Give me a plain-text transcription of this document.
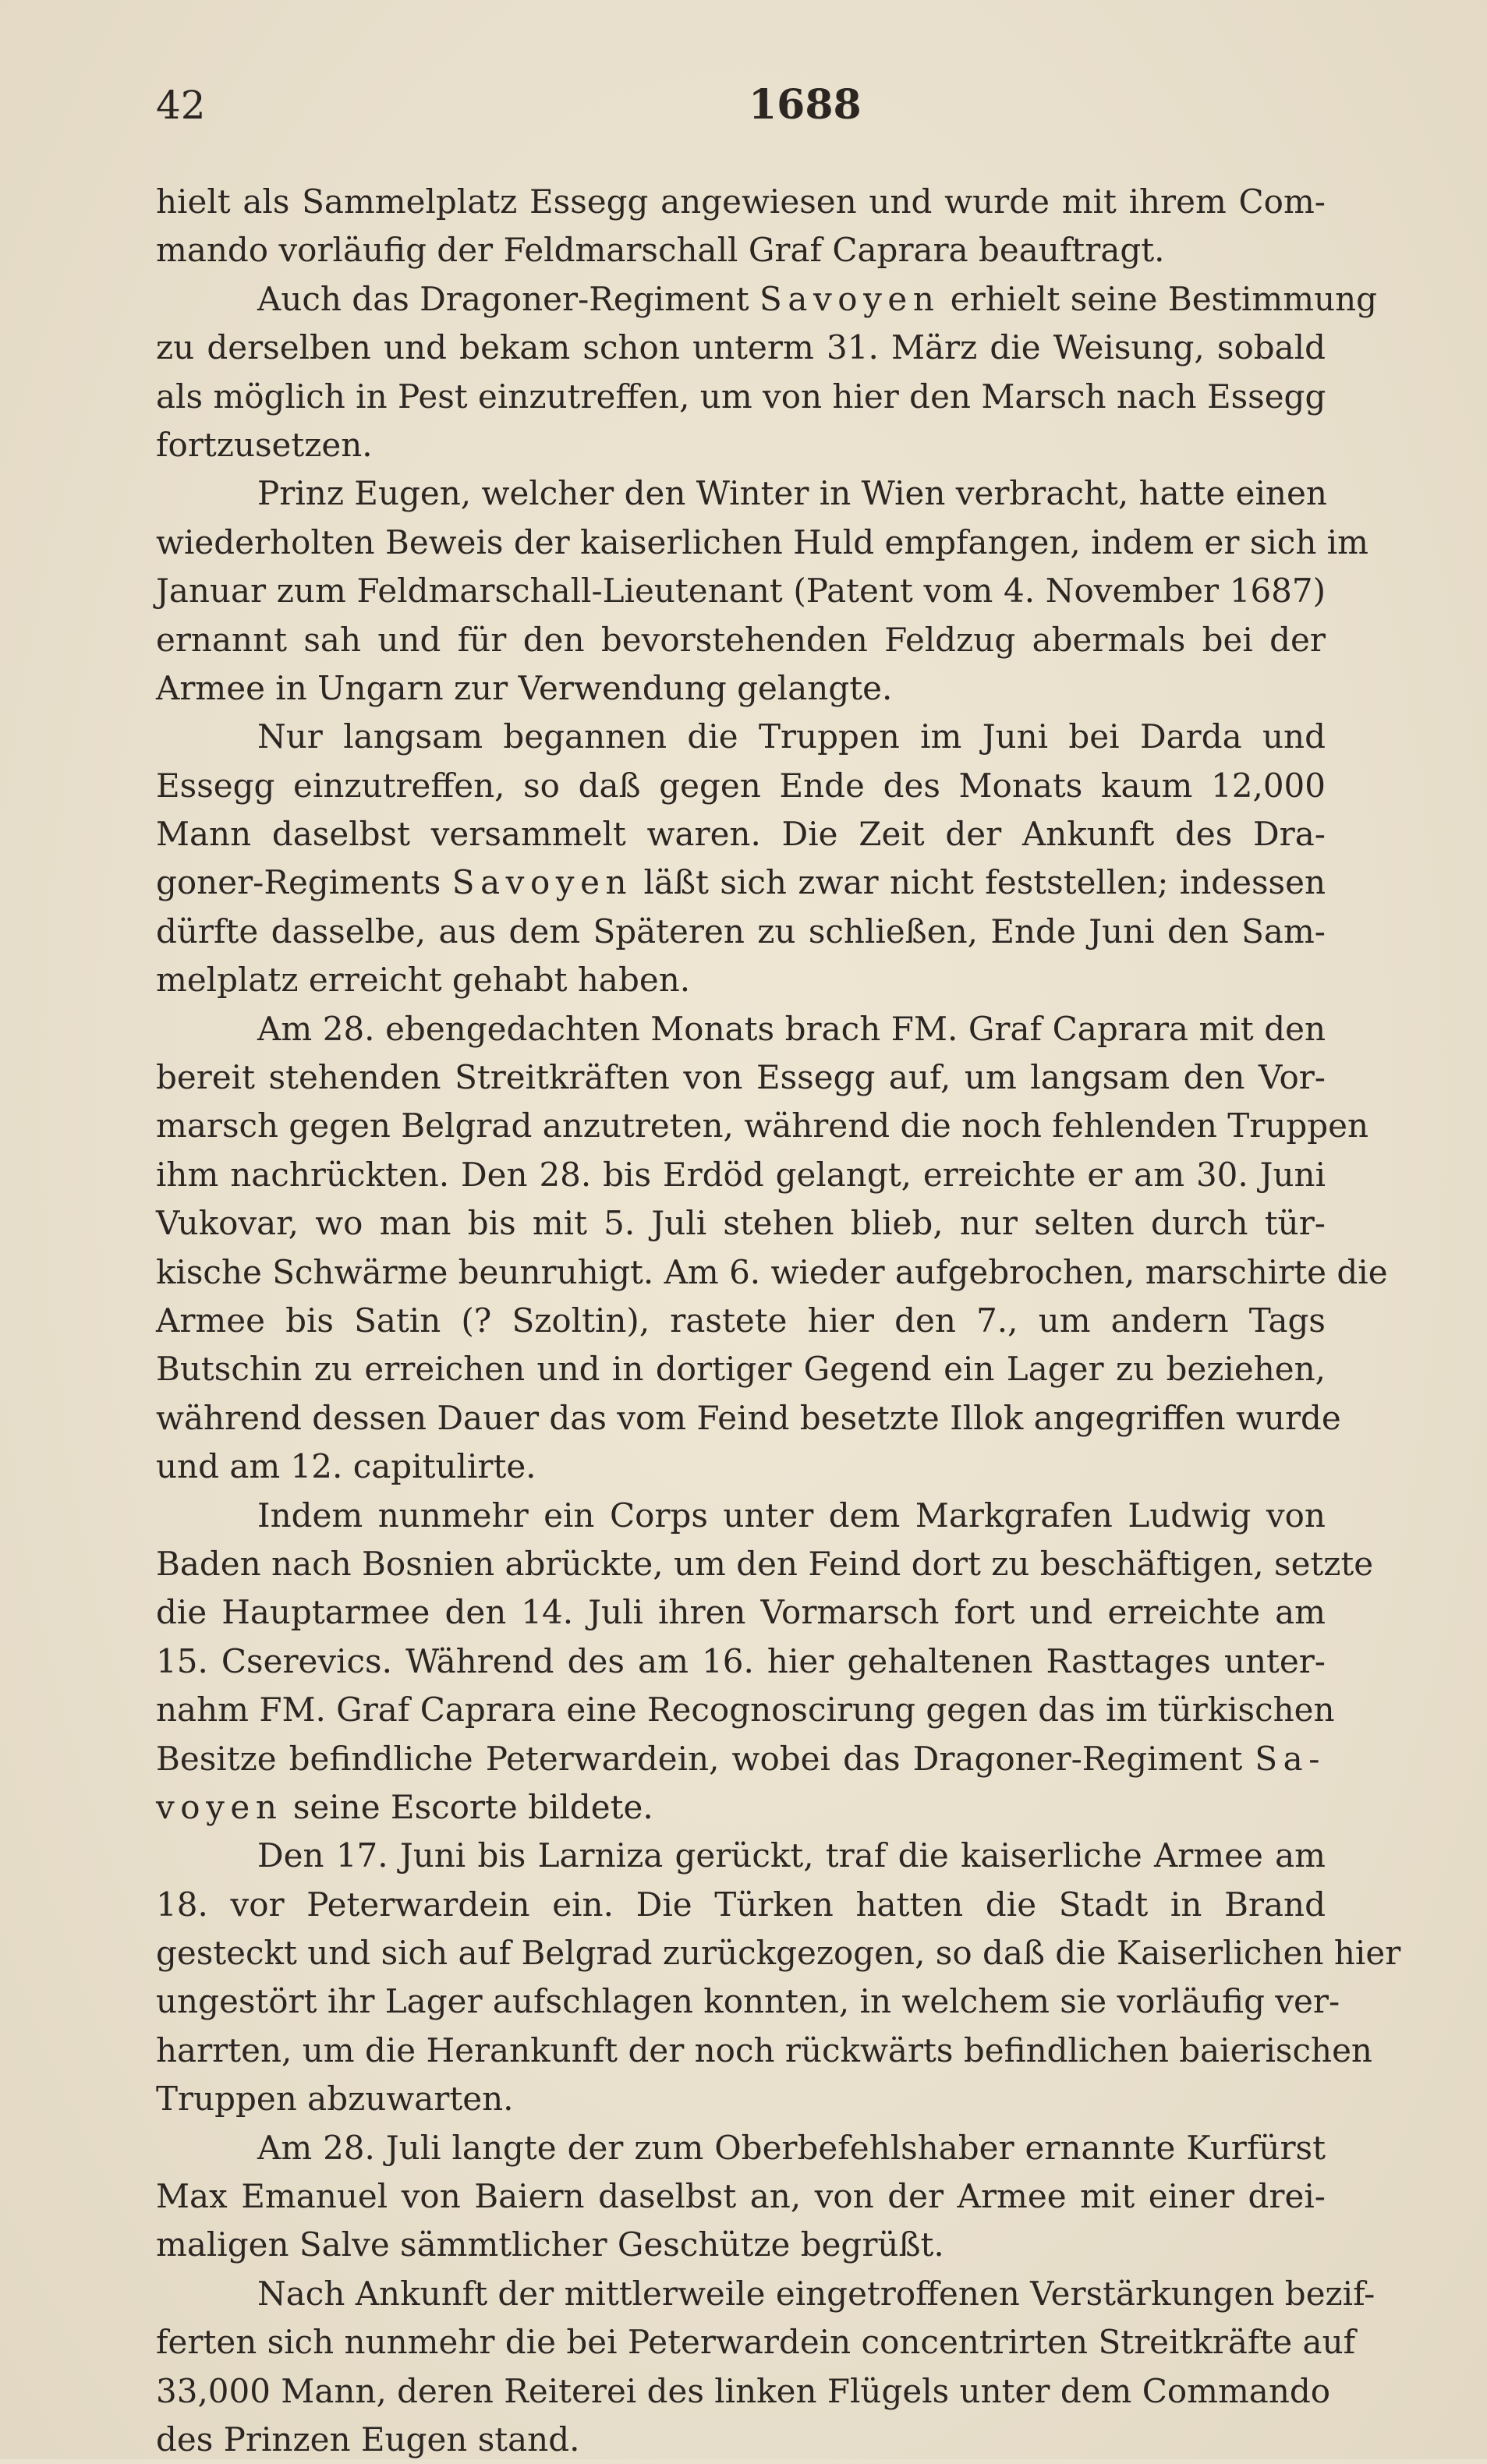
42	1688
hielt als Sammelplatz Essegg angewiesen und wurde mit ihrem Com-
mando vorläufig der Feldmarschall Graf Caprara beauftragt.
Auch das Dragoner-Regiment Savoyen erhielt seine Bestimmung
zu derselben und bekam schon unterm 31. März die Weisung, sobald
als möglich in Pest einzutreffen, um von hier den Marsch nach Essegg
fortzusetzen.
Prinz Eugen, welcher den Winter in Wien verbracht, hatte einen
wiederholten Beweis der kaiserlichen Huld empfangen, indem er sich im
Januar zum Feldmarschall-Lieutenant (Patent vom 4. November 1687)
ernannt sah und für den bevorstehenden Feldzug abermals bei der
Armee in Ungarn zur Verwendung gelangte.
Nur langsam begannen die Truppen im Juni bei Darda und
Essegg einzutreffen, so daß gegen Ende des Monats kaum 12,000
Mann daselbst versammelt waren. Die Zeit der Ankunft des Dra-
goner-Regiments Savoyen läßt sich zwar nicht feststellen; indessen
dürfte dasselbe, aus dem Späteren zu schließen, Ende Juni den Sam-
melplatz erreicht gehabt haben.
Am 28. ebengedachten Monats brach FM. Graf Caprara mit den
bereit stehenden Streitkräften von Essegg auf, um langsam den Vor-
marsch gegen Belgrad anzutreten, während die noch fehlenden Truppen
ihm nachrückten. Den 28. bis Erdöd gelangt, erreichte er am 30. Juni
Vukovar, wo man bis mit 5. Juli stehen blieb, nur selten durch tür-
kische Schwärme beunruhigt. Am 6. wieder aufgebrochen, marschirte die
Armee bis Satin (? Szoltin), rastete hier den 7., um andern Tags
Butschin zu erreichen und in dortiger Gegend ein Lager zu beziehen,
während dessen Dauer das vom Feind besetzte Illok angegriffen wurde
und am 12. capitulirte.
Indem nunmehr ein Corps unter dem Markgrafen Ludwig von
Baden nach Bosnien abrückte, um den Feind dort zu beschäftigen, setzte
die Hauptarmee den 14. Juli ihren Vormarsch fort und erreichte am
15. Cserevics. Während des am 16. hier gehaltenen Rasttages unter-
nahm FM. Graf Caprara eine Recognoscirung gegen das im türkischen
Besitze befindliche Peterwardein, wobei das Dragoner-Regiment Sa-
voyen seine Escorte bildete.
Den 17. Juni bis Larniza gerückt, traf die kaiserliche Armee am
18. vor Peterwardein ein. Die Türken hatten die Stadt in Brand
gesteckt und sich auf Belgrad zurückgezogen, so daß die Kaiserlichen hier
ungestört ihr Lager aufschlagen konnten, in welchem sie vorläufig ver-
harrten, um die Herankunft der noch rückwärts befindlichen baierischen
Truppen abzuwarten.
Am 28. Juli langte der zum Oberbefehlshaber ernannte Kurfürst
Max Emanuel von Baiern daselbst an, von der Armee mit einer drei-
maligen Salve sämmtlicher Geschütze begrüßt.
Nach Ankunft der mittlerweile eingetroffenen Verstärkungen bezif-
ferten sich nunmehr die bei Peterwardein concentrirten Streitkräfte auf
33,000 Mann, deren Reiterei des linken Flügels unter dem Commando
des Prinzen Eugen stand.
